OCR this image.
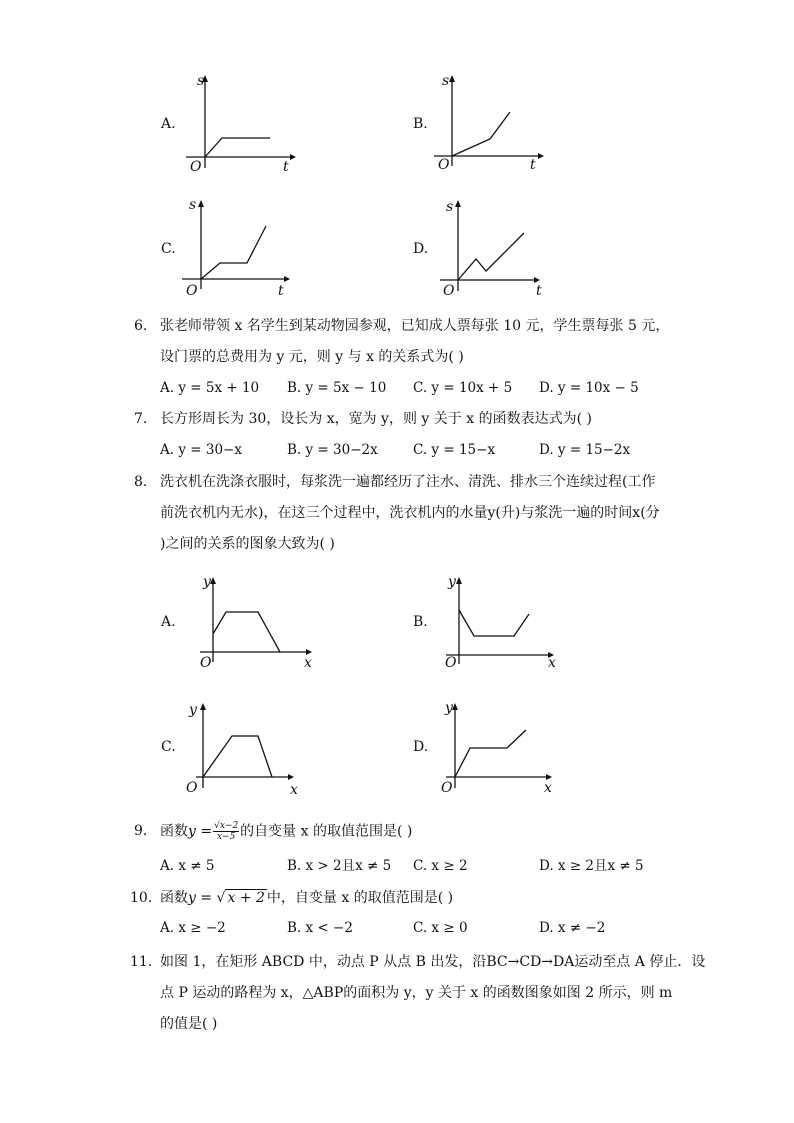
A.
s
t
O
B.
s
t
O
C.
s
t
O
D.
s
t
O
6. 张老师带领 x 名学生到某动物园参观，已知成人票每张 10 元，学生票每张 5 元，
设门票的总费用为 y 元，则 y 与 x 的关系式为( )
A. y = 5x + 10 B. y = 5x − 10 C. y = 10x + 5 D. y = 10x − 5
7. 长方形周长为 30，设长为 x，宽为 y，则 y 关于 x 的函数表达式为( )
A. y = 30−x	B. y = 30−2x	C. y = 15−x	D. y = 15−2x
8. 洗衣机在洗涤衣服时，每浆洗一遍都经历了注水、清洗、排水三个连续过程(工作
前洗衣机内无水)，在这三个过程中，洗衣机内的水量y(升)与浆洗一遍的时间x(分
)之间的关系的图象大致为( )
A.
y
x
O
B.
y
x
O
C.
y
x
O
D.
y
x
O
9. 函数$y = \frac{√x-2}{x-5}$ 的自变量 x 的取值范围是( )
A. x ≠ 5	B. x > 2且x ≠ 5 C. x ≥ 2	D. x ≥ 2且x ≠ 5
10. 函数y = √ x + 2 中，自变量 x 的取值范围是( )
A. x ≥ −2	B. x < −2	C. x ≥ 0	D. x ≠ −2
11. 如图 1，在矩形 ABCD 中，动点 P 从点 B 出发，沿BC→CD→DA运动至点 A 停止．设
点 P 运动的路程为 x，△ABP的面积为 y，y 关于 x 的函数图象如图 2 所示，则 m
的值是( )
